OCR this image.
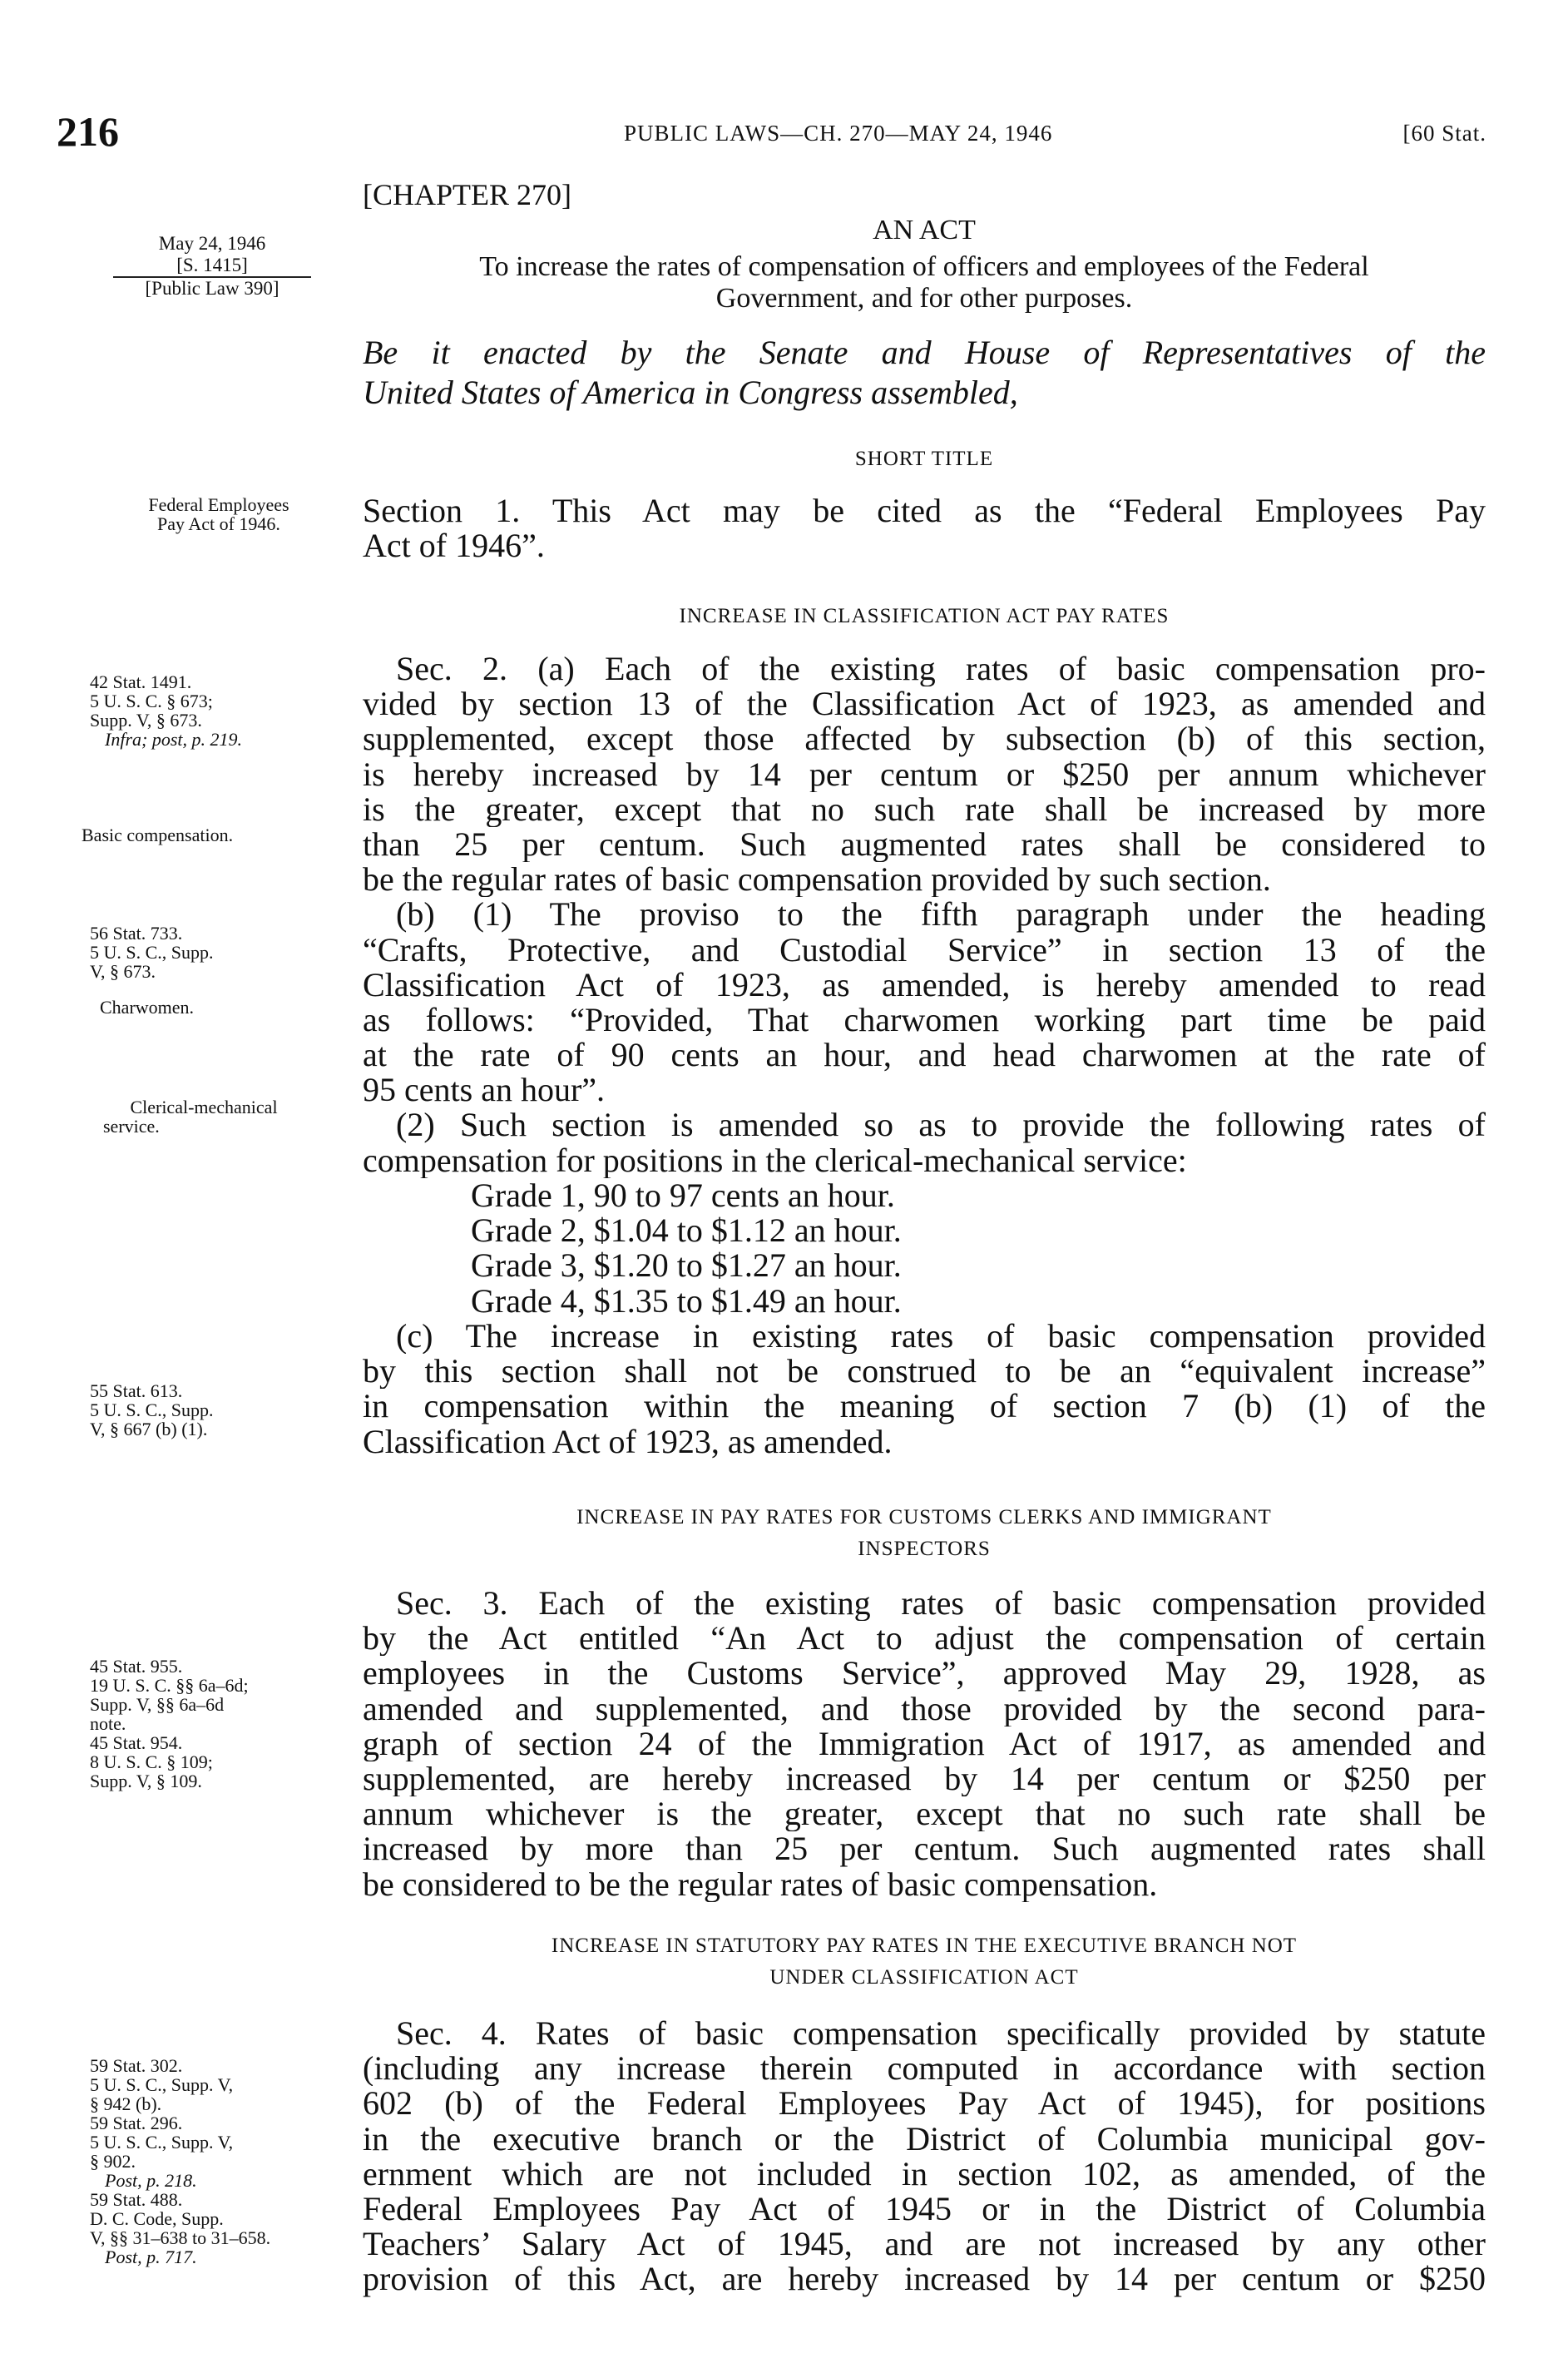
216	PUBLIC LAWS—CH. 270—MAY 24, 1946	[60 Stat.
[CHAPTER 270]
AN ACT
To increase the rates of compensation of officers and employees of the Federal
Government, and for other purposes.
Be it enacted by the Senate and House of Representatives of the
United States of America in Congress assembled,
May 24, 1946
[S. 1415]
[Public Law 390]
SHORT TITLE
Section 1. This Act may be cited as the “Federal Employees Pay
Act of 1946”.
INCREASE IN CLASSIFICATION ACT PAY RATES
Sec. 2. (a) Each of the existing rates of basic compensation pro-
vided by section 13 of the Classification Act of 1923, as amended and
supplemented, except those affected by subsection (b) of this section,
is hereby increased by 14 per centum or $250 per annum whichever
is the greater, except that no such rate shall be increased by more
than 25 per centum. Such augmented rates shall be considered to
be the regular rates of basic compensation provided by such section.
(b) (1) The proviso to the fifth paragraph under the heading
“Crafts, Protective, and Custodial Service” in section 13 of the
Classification Act of 1923, as amended, is hereby amended to read
as follows: “Provided, That charwomen working part time be paid
at the rate of 90 cents an hour, and head charwomen at the rate of
95 cents an hour”.
(2) Such section is amended so as to provide the following rates of
compensation for positions in the clerical-mechanical service:
Grade 1, 90 to 97 cents an hour.
Grade 2, $1.04 to $1.12 an hour.
Grade 3, $1.20 to $1.27 an hour.
Grade 4, $1.35 to $1.49 an hour.
(c) The increase in existing rates of basic compensation provided
by this section shall not be construed to be an “equivalent increase”
in compensation within the meaning of section 7 (b) (1) of the
Classification Act of 1923, as amended.
INCREASE IN PAY RATES FOR CUSTOMS CLERKS AND IMMIGRANT
INSPECTORS
Sec. 3. Each of the existing rates of basic compensation provided
by the Act entitled “An Act to adjust the compensation of certain
employees in the Customs Service”, approved May 29, 1928, as
amended and supplemented, and those provided by the second para-
graph of section 24 of the Immigration Act of 1917, as amended and
supplemented, are hereby increased by 14 per centum or $250 per
annum whichever is the greater, except that no such rate shall be
increased by more than 25 per centum. Such augmented rates shall
be considered to be the regular rates of basic compensation.
INCREASE IN STATUTORY PAY RATES IN THE EXECUTIVE BRANCH NOT
UNDER CLASSIFICATION ACT
Sec. 4. Rates of basic compensation specifically provided by statute
(including any increase therein computed in accordance with section
602 (b) of the Federal Employees Pay Act of 1945), for positions
in the executive branch or the District of Columbia municipal gov-
ernment which are not included in section 102, as amended, of the
Federal Employees Pay Act of 1945 or in the District of Columbia
Teachers’ Salary Act of 1945, and are not increased by any other
provision of this Act, are hereby increased by 14 per centum or $250
Federal Employees
Pay Act of 1946.
42 Stat. 1491.
5 U. S. C. § 673;
Supp. V, § 673.
Infra; post, p. 219.
Basic compensation.
56 Stat. 733.
5 U. S. C., Supp.
V, § 673.
Charwomen.
Clerical-mechanical
service.
55 Stat. 613.
5 U. S. C., Supp.
V, § 667 (b) (1).
45 Stat. 955.
19 U. S. C. §§ 6a–6d;
Supp. V, §§ 6a–6d
note.
45 Stat. 954.
8 U. S. C. § 109;
Supp. V, § 109.
59 Stat. 302.
5 U. S. C., Supp. V,
§ 942 (b).
59 Stat. 296.
5 U. S. C., Supp. V,
§ 902.
Post, p. 218.
59 Stat. 488.
D. C. Code, Supp.
V, §§ 31–638 to 31–658.
Post, p. 717.
